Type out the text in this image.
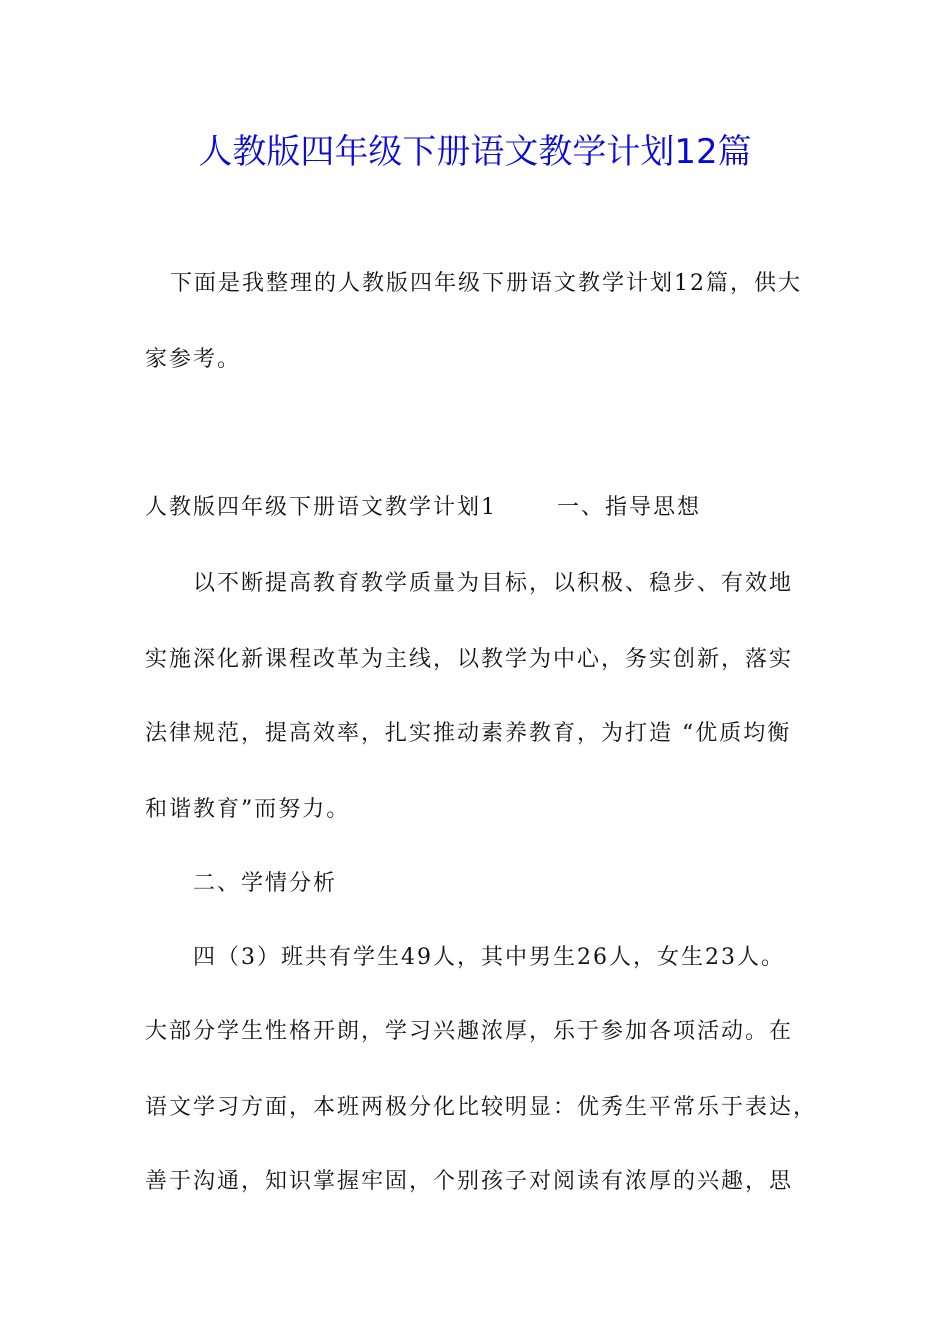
人教版四年级下册语文教学计划12篇
下面是我整理的人教版四年级下册语文教学计划12篇，供大
家参考。
人教版四年级下册语文教学计划1	一、指导思想
以不断提高教育教学质量为目标，以积极、稳步、有效地
实施深化新课程改革为主线，以教学为中心，务实创新，落实
法律规范，提高效率，扎实推动素养教育，为打造 “优质均衡
和谐教育”而努力。
二、学情分析
四（3）班共有学生49人，其中男生26人，女生23人。
大部分学生性格开朗，学习兴趣浓厚，乐于参加各项活动。在
语文学习方面，本班两极分化比较明显：优秀生平常乐于表达，
善于沟通，知识掌握牢固，个别孩子对阅读有浓厚的兴趣，思
